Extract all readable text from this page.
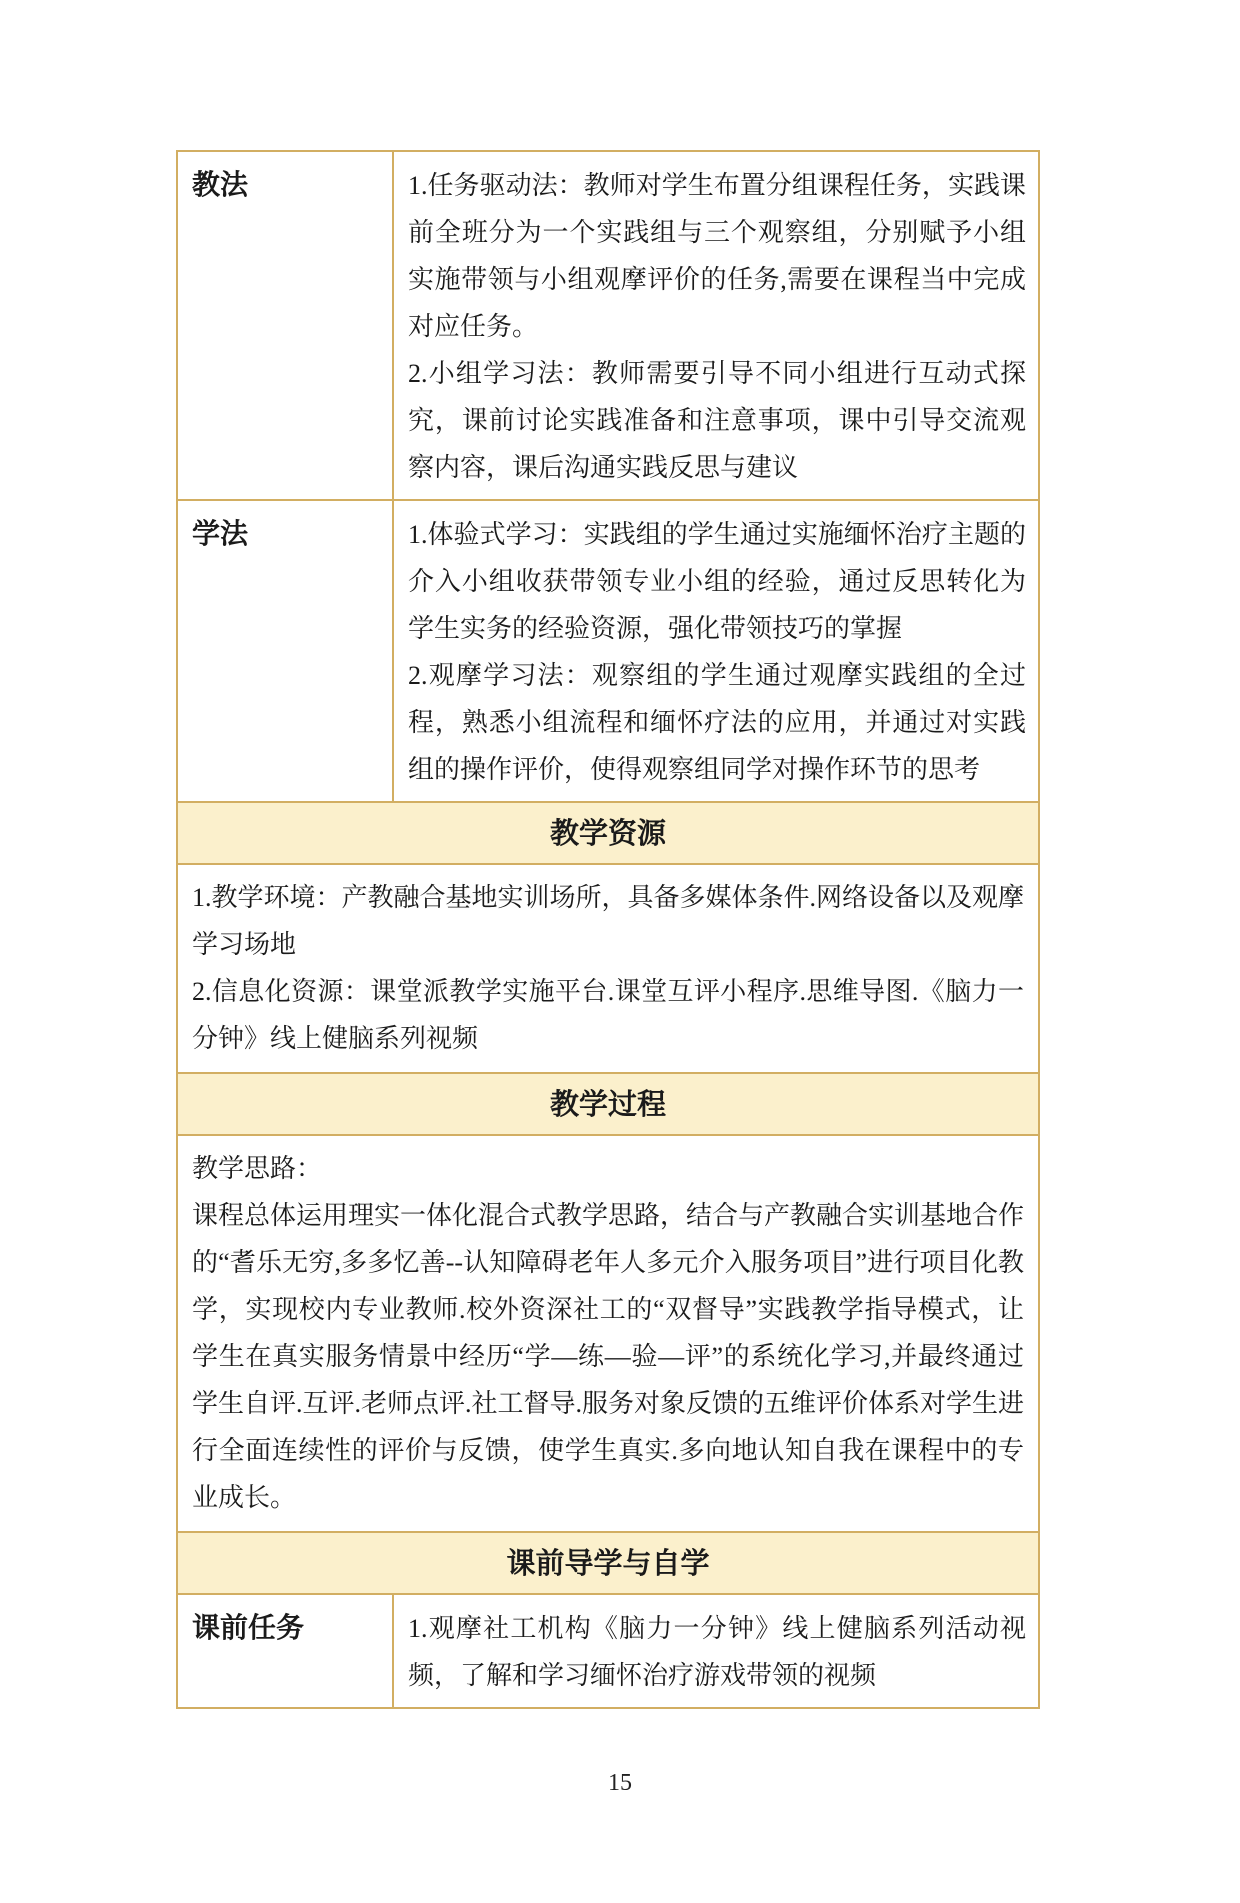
教法	1.任务驱动法：教师对学生布置分组课程任务，实践课前全班分为一个实践组与三个观察组，分别赋予小组实施带领与小组观摩评价的任务,需要在课程当中完成对应任务。

2.小组学习法：教师需要引导不同小组进行互动式探究，课前讨论实践准备和注意事项，课中引导交流观察内容，课后沟通实践反思与建议

学法	1.体验式学习：实践组的学生通过实施缅怀治疗主题的介入小组收获带领专业小组的经验，通过反思转化为学生实务的经验资源，强化带领技巧的掌握

2.观摩学习法：观察组的学生通过观摩实践组的全过程，熟悉小组流程和缅怀疗法的应用，并通过对实践组的操作评价，使得观察组同学对操作环节的思考

教学资源

1.教学环境：产教融合基地实训场所，具备多媒体条件.网络设备以及观摩学习场地

2.信息化资源：课堂派教学实施平台.课堂互评小程序.思维导图.《脑力一分钟》线上健脑系列视频

教学过程

教学思路：

课程总体运用理实一体化混合式教学思路，结合与产教融合实训基地合作的“耆乐无穷,多多忆善--认知障碍老年人多元介入服务项目”进行项目化教学，实现校内专业教师.校外资深社工的“双督导”实践教学指导模式，让学生在真实服务情景中经历“学—练—验—评”的系统化学习,并最终通过学生自评.互评.老师点评.社工督导.服务对象反馈的五维评价体系对学生进行全面连续性的评价与反馈，使学生真实.多向地认知自我在课程中的专业成长。

课前导学与自学
课前任务	1.观摩社工机构《脑力一分钟》线上健脑系列活动视频，了解和学习缅怀治疗游戏带领的视频

15
